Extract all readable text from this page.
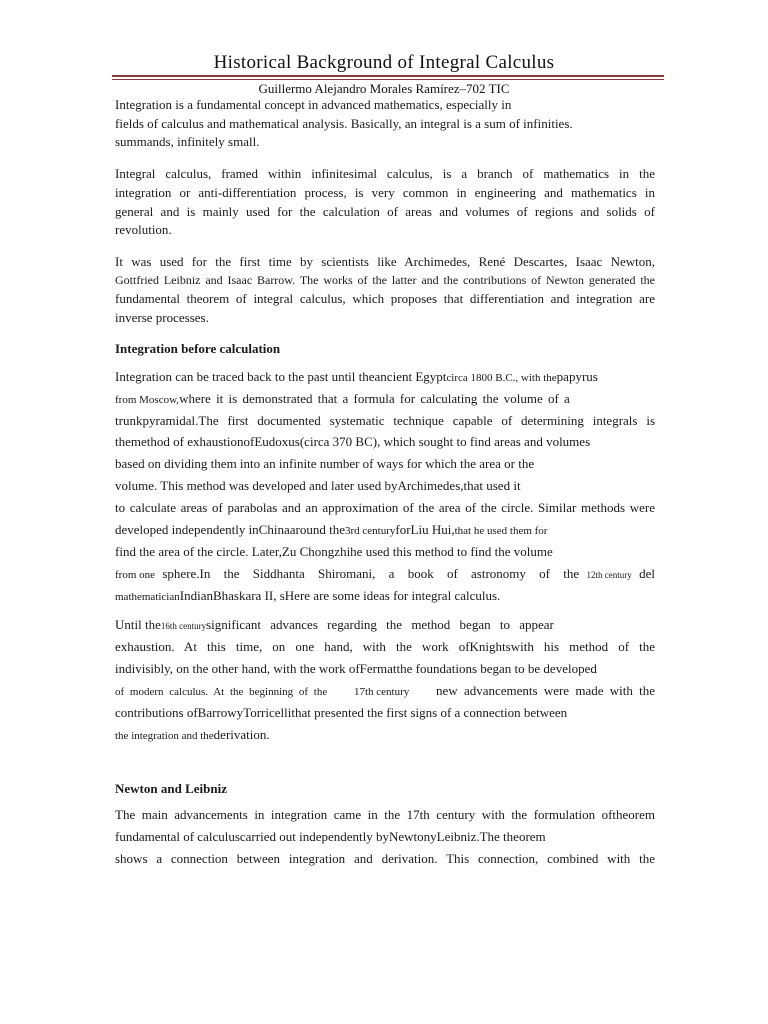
Historical Background of Integral Calculus
Guillermo Alejandro Morales Ramírez–702 TIC
Integration is a fundamental concept in advanced mathematics, especially in
fields of calculus and mathematical analysis. Basically, an integral is a sum of infinities.
summands, infinitely small.
Integral calculus, framed within infinitesimal calculus, is a branch of mathematics in the
integration or anti-differentiation process, is very common in engineering and mathematics in
general and is mainly used for the calculation of areas and volumes of regions and solids of
revolution.
It was used for the first time by scientists like Archimedes, René Descartes, Isaac Newton,
Gottfried Leibniz and Isaac Barrow. The works of the latter and the contributions of Newton generated the
fundamental theorem of integral calculus, which proposes that differentiation and integration are
inverse processes.
Integration before calculation
Integration can be traced back to the past until theancient Egyptcirca 1800 B.C., with thepapyrus
from Moscow,where it is demonstrated that a formula for calculating the volume of a
trunkpyramidal.The first documented systematic technique capable of determining integrals is
themethod of exhaustionofEudoxus(circa 370 BC), which sought to find areas and volumes
based on dividing them into an infinite number of ways for which the area or the
volume. This method was developed and later used byArchimedes,that used it
to calculate areas of parabolas and an approximation of the area of the circle. Similar methods were
developed independently inChinaaround the3rd centuryforLiu Hui,that he used them for
find the area of the circle. Later,Zu Chongzhihe used this method to find the volume
from one sphere.In the Siddhanta Shiromani, a book of astronomy of the 12th century del
mathematicianIndianBhaskara II, sHere are some ideas for integral calculus.
Until the16th century significant advances regarding the method began to appear
exhaustion. At this time, on one hand, with the work ofKnightswith his method of the
indivisibly, on the other hand, with the work ofFermatthe foundations began to be developed
of modern calculus. At the beginning of the 17th century new advancements were made with the
contributions ofBarrowyTorricellithat presented the first signs of a connection between
the integration and thederivation.
Newton and Leibniz
The main advancements in integration came in the 17th century with the formulation oftheorem
fundamental of calculuscarried out independently byNewtonyLeibniz.The theorem
shows a connection between integration and derivation. This connection, combined with the
